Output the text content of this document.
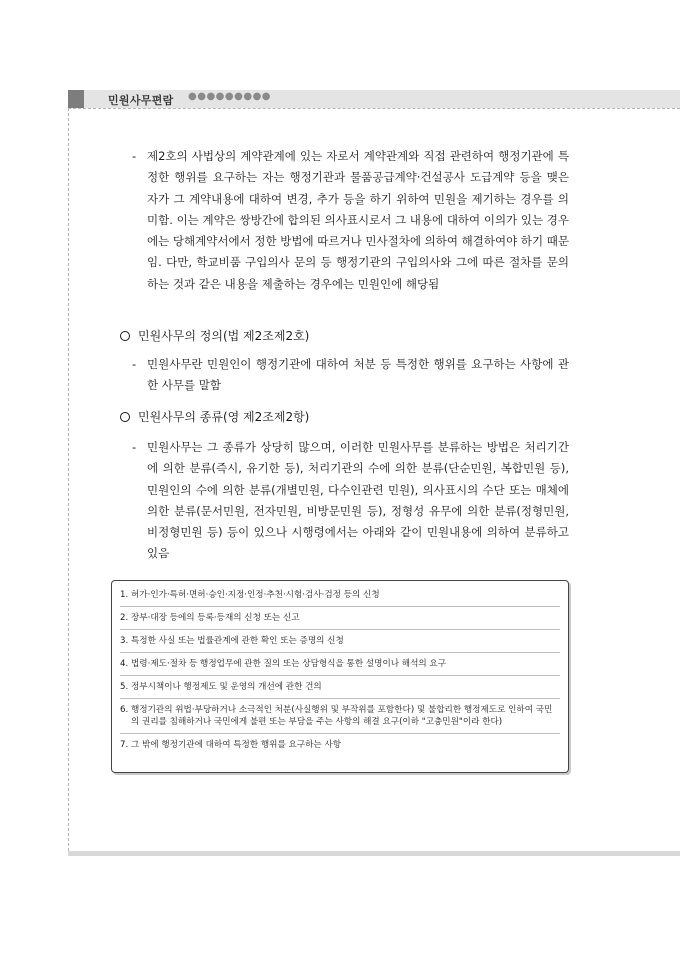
민원사무편람 ●●●●●●●●●
- 제2호의 사법상의 계약관계에 있는 자로서 계약관계와 직접 관련하여 행정기관에 특정한 행위를 요구하는 자는 행정기관과 물품공급계약·건설공사 도급계약 등을 맺은 자가 그 계약내용에 대하여 변경, 추가 등을 하기 위하여 민원을 제기하는 경우를 의미함. 이는 계약은 쌍방간에 합의된 의사표시로서 그 내용에 대하여 이의가 있는 경우에는 당해계약서에서 정한 방법에 따르거나 민사절차에 의하여 해결하여야 하기 때문임. 다만, 학교비품 구입의사 문의 등 행정기관의 구입의사와 그에 따른 절차를 문의하는 것과 같은 내용을 제출하는 경우에는 민원인에 해당됨
민원사무의 정의(법 제2조제2호)
- 민원사무란 민원인이 행정기관에 대하여 처분 등 특정한 행위를 요구하는 사항에 관한 사무를 말함
민원사무의 종류(영 제2조제2항)
- 민원사무는 그 종류가 상당히 많으며, 이러한 민원사무를 분류하는 방법은 처리기간에 의한 분류(즉시, 유기한 등), 처리기관의 수에 의한 분류(단순민원, 복합민원 등), 민원인의 수에 의한 분류(개별민원, 다수인관련 민원), 의사표시의 수단 또는 매체에 의한 분류(문서민원, 전자민원, 비방문민원 등), 정형성 유무에 의한 분류(정형민원, 비정형민원 등) 등이 있으나 시행령에서는 아래와 같이 민원내용에 의하여 분류하고 있음
1. 허가·인가·특허·면허·승인·지정·인정·추천·시험·검사·검정 등의 신청
2. 장부·대장 등에의 등록·등재의 신청 또는 신고
3. 특정한 사실 또는 법률관계에 관한 확인 또는 증명의 신청
4. 법령·제도·절차 등 행정업무에 관한 질의 또는 상담형식을 통한 설명이나 해석의 요구
5. 정부시책이나 행정제도 및 운영의 개선에 관한 건의
6. 행정기관의 위법·부당하거나 소극적인 처분(사실행위 및 부작위를 포함한다) 및 불합리한 행정제도로 인하여 국민의 권리를 침해하거나 국민에게 불편 또는 부담을 주는 사항의 해결 요구(이하 "고충민원"이라 한다)
7. 그 밖에 행정기관에 대하여 특정한 행위를 요구하는 사항
